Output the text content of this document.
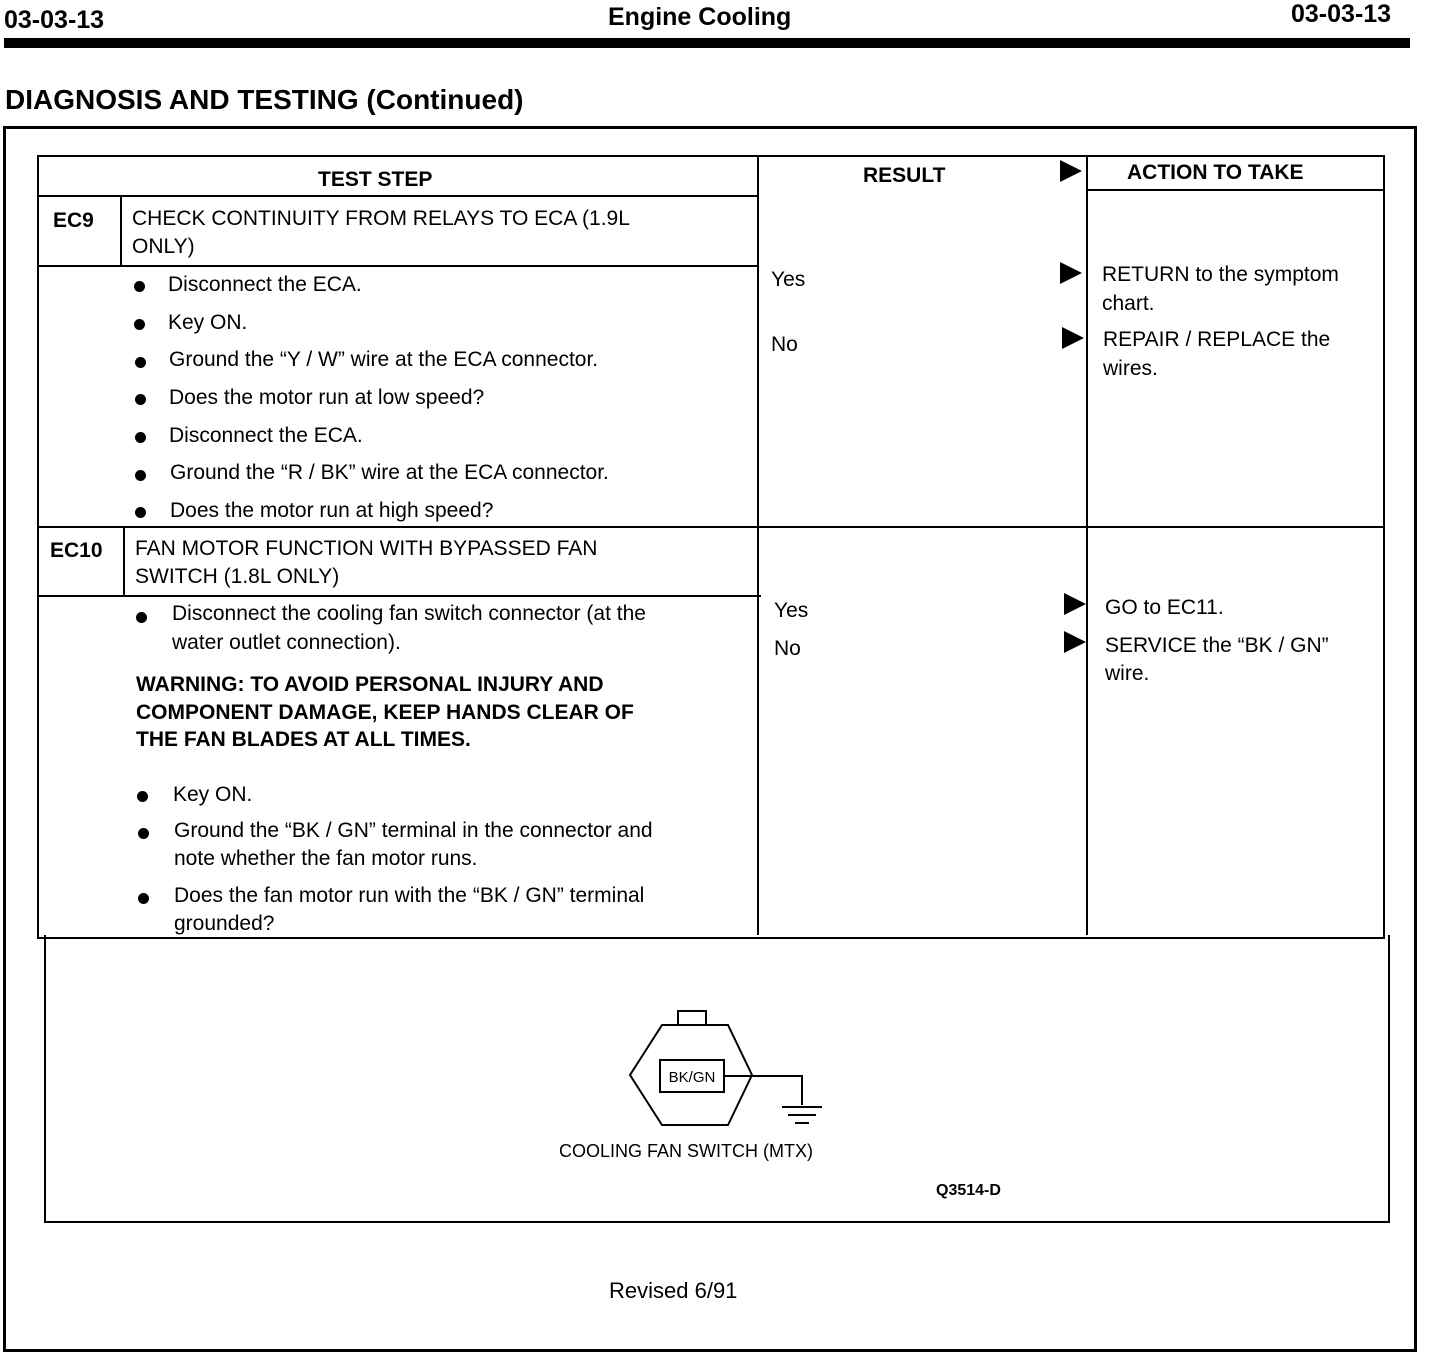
03-03-13	Engine Cooling	03-03-13
DIAGNOSIS AND TESTING (Continued)
TEST STEP	RESULT	ACTION TO TAKE
EC9 CHECK CONTINUITY FROM RELAYS TO ECA (1.9L
ONLY)
Disconnect the ECA.
Key ON.
Ground the “Y / W” wire at the ECA connector.
Does the motor run at low speed?
Disconnect the ECA.
Ground the “R / BK” wire at the ECA connector.
Does the motor run at high speed?
Yes	RETURN to the symptom
chart.
No	REPAIR / REPLACE the
wires.
EC10 FAN MOTOR FUNCTION WITH BYPASSED FAN
SWITCH (1.8L ONLY)
Disconnect the cooling fan switch connector (at the
water outlet connection).
WARNING: TO AVOID PERSONAL INJURY AND
COMPONENT DAMAGE, KEEP HANDS CLEAR OF
THE FAN BLADES AT ALL TIMES.
Key ON.
Ground the “BK / GN” terminal in the connector and
note whether the fan motor runs.
Does the fan motor run with the “BK / GN” terminal
grounded?
Yes	GO to EC11.
No	SERVICE the “BK / GN”
wire.
BK/GN
COOLING FAN SWITCH (MTX)
Q3514-D
Revised 6/91
